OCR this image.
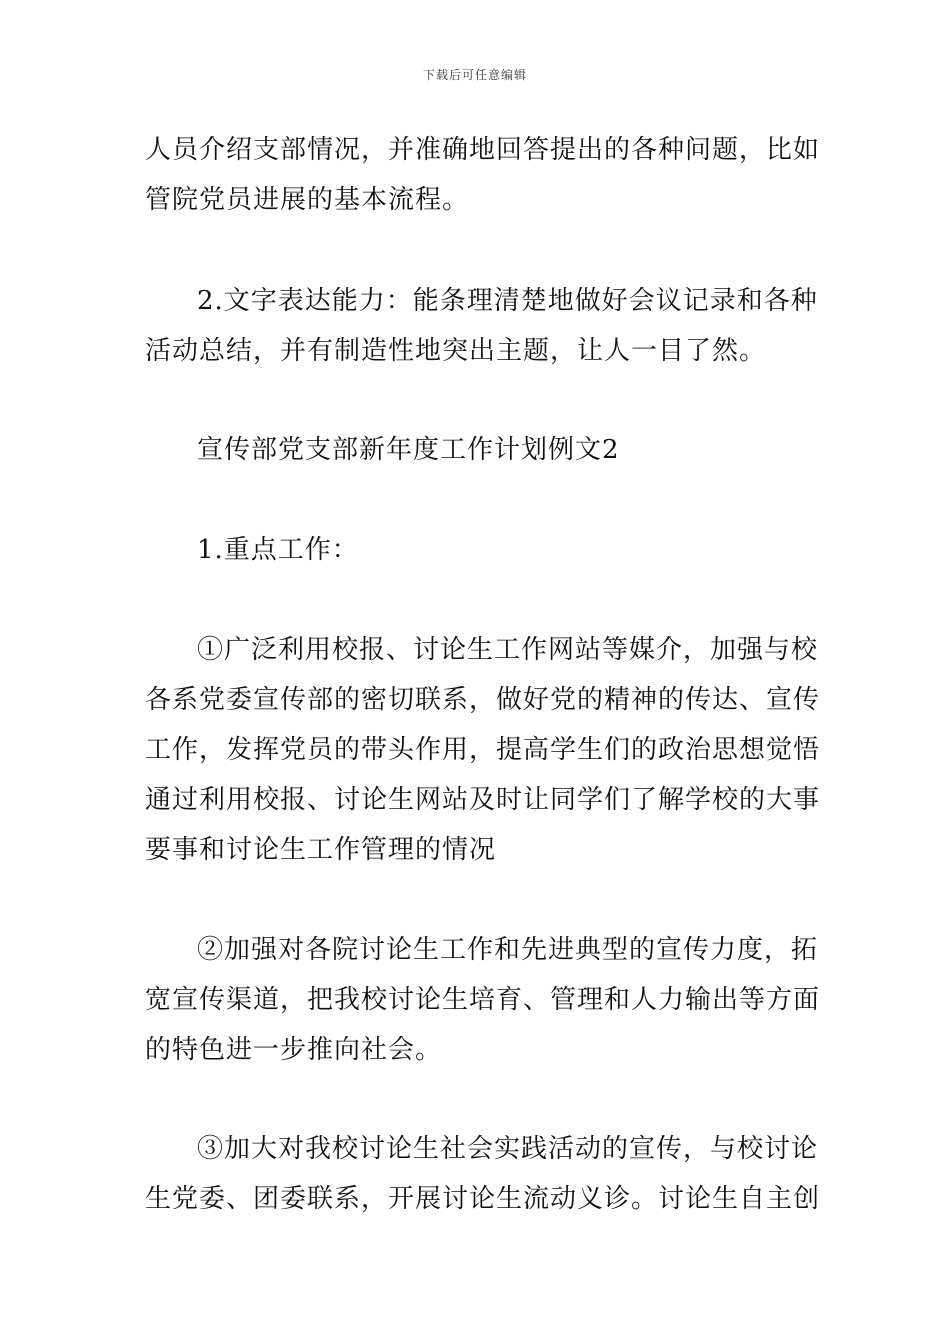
下载后可任意编辑
人员介绍支部情况，并准确地回答提出的各种问题，比如
管院党员进展的基本流程。
2.文字表达能力：能条理清楚地做好会议记录和各种
活动总结，并有制造性地突出主题，让人一目了然。
宣传部党支部新年度工作计划例文2
1.重点工作：
①广泛利用校报、讨论生工作网站等媒介，加强与校
各系党委宣传部的密切联系，做好党的精神的传达、宣传
工作，发挥党员的带头作用，提高学生们的政治思想觉悟
通过利用校报、讨论生网站及时让同学们了解学校的大事
要事和讨论生工作管理的情况
②加强对各院讨论生工作和先进典型的宣传力度，拓
宽宣传渠道，把我校讨论生培育、管理和人力输出等方面
的特色进一步推向社会。
③加大对我校讨论生社会实践活动的宣传，与校讨论
生党委、团委联系，开展讨论生流动义诊。讨论生自主创
